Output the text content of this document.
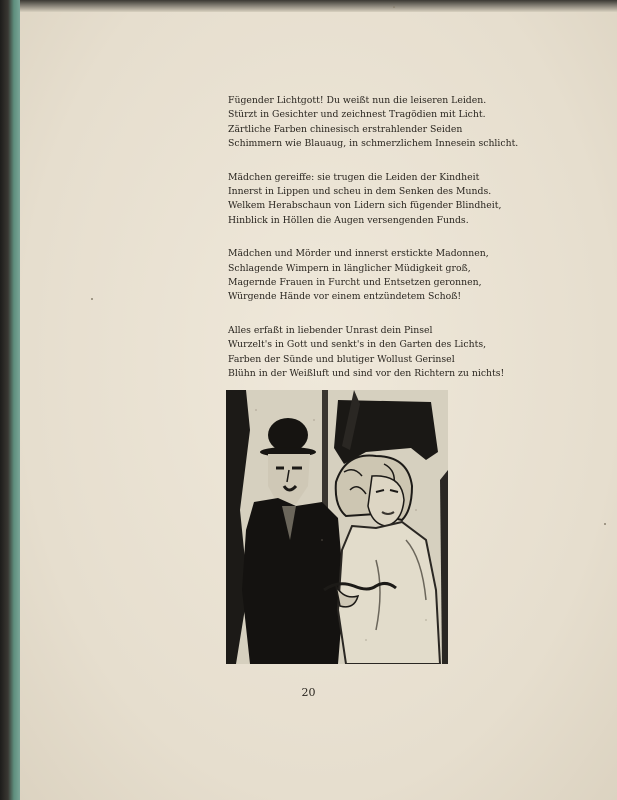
Fügender Lichtgott! Du weißt nun die leiseren Leiden.
Stürzt in Gesichter und zeichnest Tragödien mit Licht.
Zärtliche Farben chinesisch erstrahlender Seiden
Schimmern wie Blauaug, in schmerzlichem Innesein schlicht.
Mädchen gereiffe: sie trugen die Leiden der Kindheit
Innerst in Lippen und scheu in dem Senken des Munds.
Welkem Herabschaun von Lidern sich fügender Blindheit,
Hinblick in Höllen die Augen versengenden Funds.
Mädchen und Mörder und innerst erstickte Madonnen,
Schlagende Wimpern in länglicher Müdigkeit groß,
Magernde Frauen in Furcht und Entsetzen geronnen,
Würgende Hände vor einem entzündetem Schoß!
Alles erfaßt in liebender Unrast dein Pinsel
Wurzelt's in Gott und senkt's in den Garten des Lichts,
Farben der Sünde und blutiger Wollust Gerinsel
Blühn in der Weißluft und sind vor den Richtern zu nichts!
20
